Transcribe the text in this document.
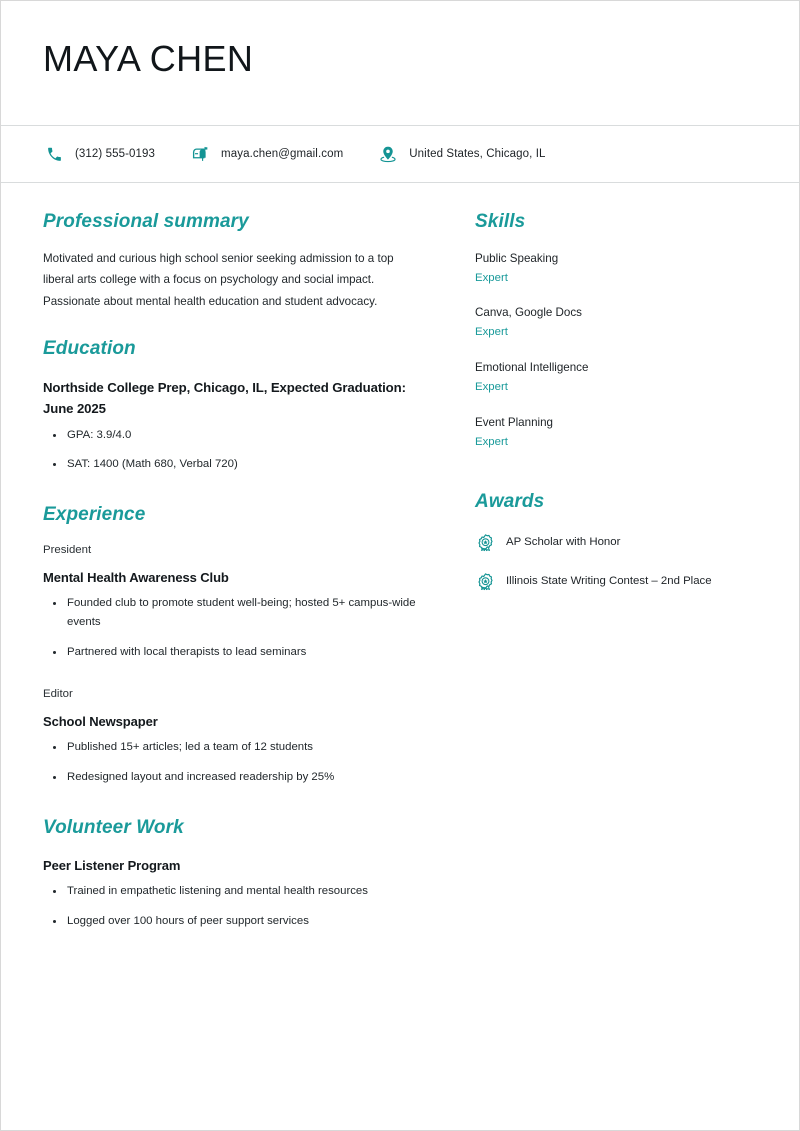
MAYA CHEN
(312) 555-0193	maya.chen@gmail.com	United States, Chicago, IL
Professional summary

Motivated and curious high school senior seeking admission to a top liberal arts college with a focus on psychology and social impact. Passionate about mental health education and student advocacy.

Education
Northside College Prep, Chicago, IL, Expected Graduation: June 2025
GPA: 3.9/4.0
SAT: 1400 (Math 680, Verbal 720)
Experience
President
Mental Health Awareness Club
Founded club to promote student well-being; hosted 5+ campus-wide events
Partnered with local therapists to lead seminars
Editor
School Newspaper
Published 15+ articles; led a team of 12 students
Redesigned layout and increased readership by 25%
Volunteer Work
Peer Listener Program
Trained in empathetic listening and mental health resources
Logged over 100 hours of peer support services
Skills
Public Speaking
Expert
Canva, Google Docs
Expert
Emotional Intelligence
Expert
Event Planning
Expert
Awards
AP Scholar with Honor
Illinois State Writing Contest – 2nd Place
